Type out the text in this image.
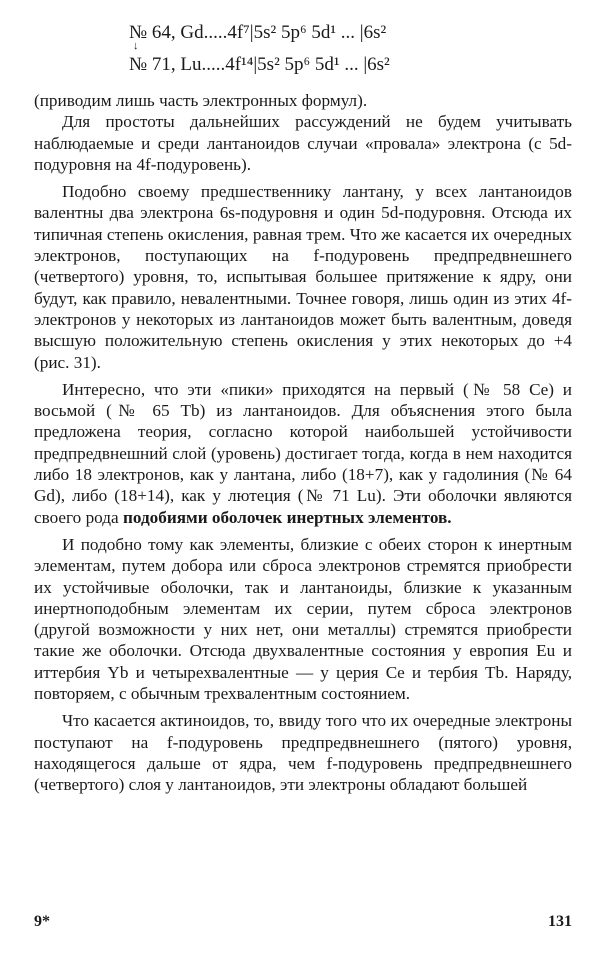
№ 64, Gd.....4f⁷|5s² 5p⁶ 5d¹ ... |6s²
↓
№ 71, Lu.....4f¹⁴|5s² 5p⁶ 5d¹ ... |6s²

(приводим лишь часть электронных формул).

Для простоты дальнейших рассуждений не будем учитывать наблюдаемые и среди лантаноидов случаи «провала» электрона (с 5d-подуровня на 4f-подуровень).

Подобно своему предшественнику лантану, у всех лантаноидов валентны два электрона 6s-подуровня и один 5d-подуровня. Отсюда их типичная степень окисления, равная трем. Что же касается их очередных электронов, поступающих на f-подуровень предпредвнешнего (четвертого) уровня, то, испытывая большее притяжение к ядру, они будут, как правило, невалентными. Точнее говоря, лишь один из этих 4f-электронов у некоторых из лантаноидов может быть валентным, доведя высшую положительную степень окисления у этих некоторых до +4 (рис. 31).

Интересно, что эти «пики» приходятся на первый (№ 58 Ce) и восьмой (№ 65 Tb) из лантаноидов. Для объяснения этого была предложена теория, согласно которой наибольшей устойчивости предпредвнешний слой (уровень) достигает тогда, когда в нем находится либо 18 электронов, как у лантана, либо (18+7), как у гадолиния (№ 64 Gd), либо (18+14), как у лютеция (№ 71 Lu). Эти оболочки являются своего рода подобиями оболочек инертных элементов.

И подобно тому как элементы, близкие с обеих сторон к инертным элементам, путем добора или сброса электронов стремятся приобрести их устойчивые оболочки, так и лантаноиды, близкие к указанным инертноподобным элементам их серии, путем сброса электронов (другой возможности у них нет, они металлы) стремятся приобрести такие же оболочки. Отсюда двухвалентные состояния у европия Eu и иттербия Yb и четырехвалентные — у церия Ce и тербия Tb. Наряду, повторяем, с обычным трехвалентным состоянием.

Что касается актиноидов, то, ввиду того что их очередные электроны поступают на f-подуровень предпредвнешнего (пятого) уровня, находящегося дальше от ядра, чем f-подуровень предпредвнешнего (четвертого) слоя у лантаноидов, эти электроны обладают большей

9*	131
